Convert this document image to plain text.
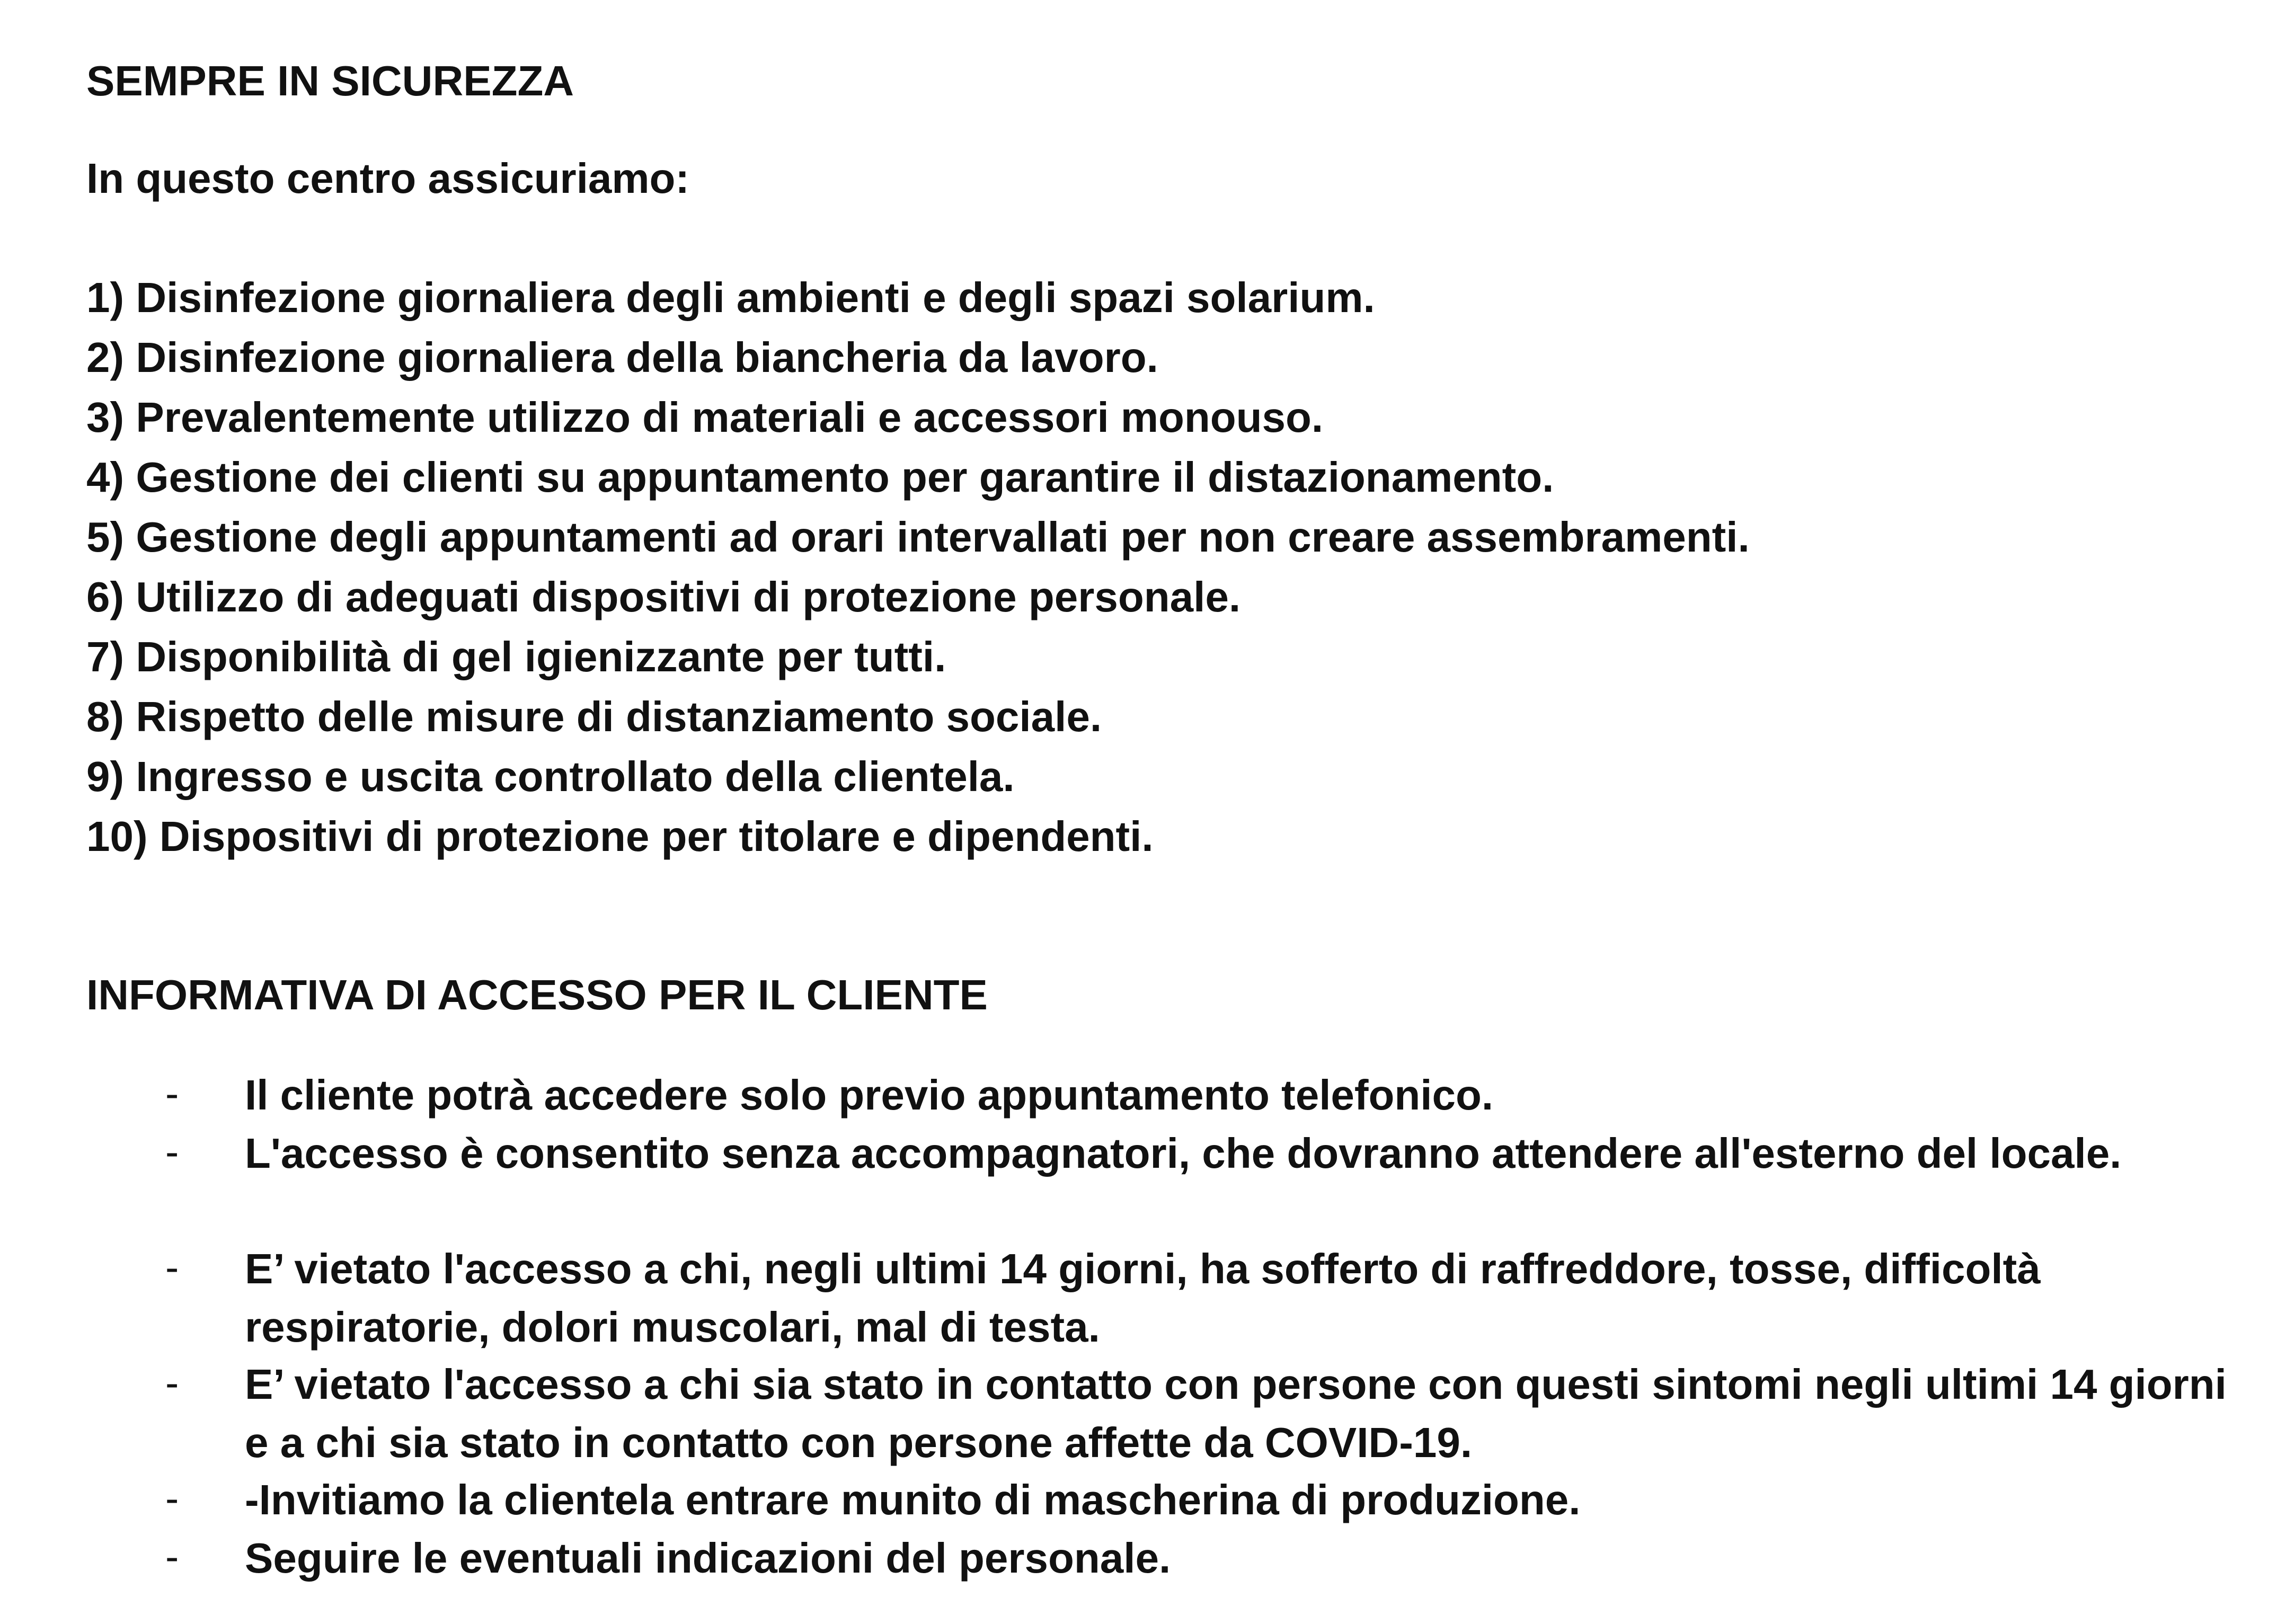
SEMPRE IN SICUREZZA
In questo centro assicuriamo:
1) Disinfezione giornaliera degli ambienti e degli spazi solarium.
2) Disinfezione giornaliera della biancheria da lavoro.
3) Prevalentemente utilizzo di materiali e accessori monouso.
4) Gestione dei clienti su appuntamento per garantire il distazionamento.
5) Gestione degli appuntamenti ad orari intervallati per non creare assembramenti.
6) Utilizzo di adeguati dispositivi di protezione personale.
7) Disponibilità di gel igienizzante per tutti.
8) Rispetto delle misure di distanziamento sociale.
9) Ingresso e uscita controllato della clientela.
10) Dispositivi di protezione per titolare e dipendenti.
INFORMATIVA DI ACCESSO PER IL CLIENTE
- Il cliente potrà accedere solo previo appuntamento telefonico.
- L'accesso è consentito senza accompagnatori, che dovranno attendere all'esterno del locale.
- E’ vietato l'accesso a chi, negli ultimi 14 giorni, ha sofferto di raffreddore, tosse, difficoltà respiratorie, dolori muscolari, mal di testa.
- E’ vietato l'accesso a chi sia stato in contatto con persone con questi sintomi negli ultimi 14 giorni e a chi sia stato in contatto con persone affette da COVID-19.
- -Invitiamo la clientela entrare munito di mascherina di produzione.
- Seguire le eventuali indicazioni del personale.
